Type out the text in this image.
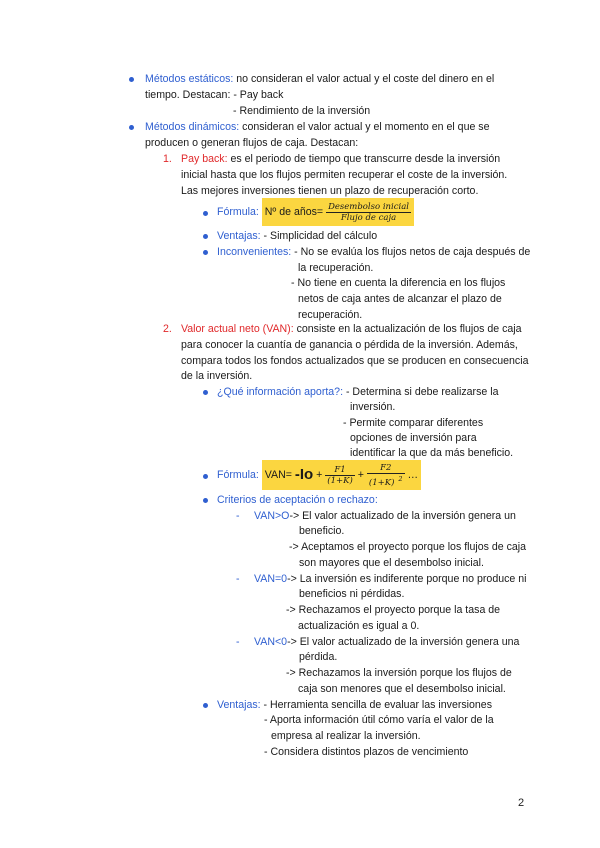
Métodos estáticos: no consideran el valor actual y el coste del dinero en el
tiempo. Destacan: - Pay back
- Rendimiento de la inversión
Métodos dinámicos: consideran el valor actual y el momento en el que se
producen o generan flujos de caja. Destacan:
1. Pay back: es el periodo de tiempo que transcurre desde la inversión
inicial hasta que los flujos permiten recuperar el coste de la inversión.
Las mejores inversiones tienen un plazo de recuperación corto.
Fórmula: Nº de años= $\frac{\text{Desembolso inicial}}{\text{Flujo de caja}}$
Ventajas: - Simplicidad del cálculo
Inconvenientes: - No se evalúa los flujos netos de caja después de
la recuperación.
- No tiene en cuenta la diferencia en los flujos
netos de caja antes de alcanzar el plazo de
recuperación.
2. Valor actual neto (VAN): consiste en la actualización de los flujos de caja
para conocer la cuantía de ganancia o pérdida de la inversión. Además,
compara todos los fondos actualizados que se producen en consecuencia
de la inversión.
¿Qué información aporta?: - Determina si debe realizarse la
inversión.
- Permite comparar diferentes
opciones de inversión para
identificar la que da más beneficio.
Fórmula: $VAN= -Io + \frac{F1}{(1+K)} + \frac{F2}{(1+K) ^2}$ …
Criterios de aceptación o rechazo:
- VAN>O-> El valor actualizado de la inversión genera un
beneficio.
-> Aceptamos el proyecto porque los flujos de caja
son mayores que el desembolso inicial.
- VAN=0-> La inversión es indiferente porque no produce ni
beneficios ni pérdidas.
-> Rechazamos el proyecto porque la tasa de
actualización es igual a 0.
- VAN<0-> El valor actualizado de la inversión genera una
pérdida.
-> Rechazamos la inversión porque los flujos de
caja son menores que el desembolso inicial.
Ventajas: - Herramienta sencilla de evaluar las inversiones
- Aporta información útil cómo varía el valor de la
empresa al realizar la inversión.
- Considera distintos plazos de vencimiento
2
